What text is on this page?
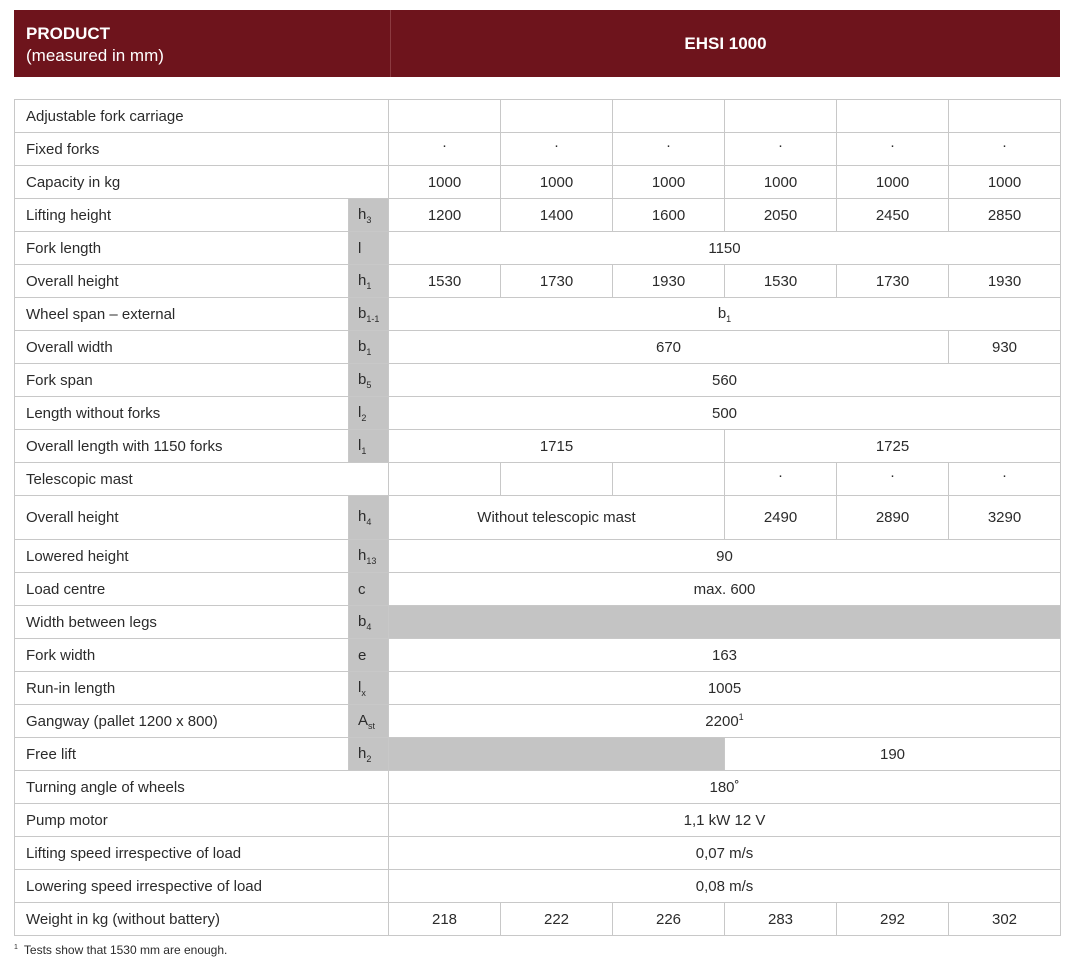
PRODUCT
(measured in mm)
EHSI 1000
Adjustable fork carriage							
Fixed forks		·	·	·	·	·	·
Capacity in kg		1000	1000	1000	1000	1000	1000
Lifting height	$h_3$	1200	1400	1600	2050	2450	2850
Fork length	l	1150					
Overall height	$h_1$	1530	1730	1930	1530	1730	1930
Wheel span – external	$b_{1-1}$	$b_1$
Overall width	$b_1$	670					930
Fork span	$b_5$	560					
Length without forks	$l_2$	500					
Overall length with 1150 forks	$l_1$	1715			1725		
Telescopic mast					·	·	·
Overall height	$h_4$	Without telescopic mast			2490	2890	3290
Lowered height	$h_{13}$	90					
Load centre	c	max. 600					
Width between legs	$b_4$	
Fork width	e	163					
Run-in length	$l_x$	1005					
Gangway (pallet 1200 x 800)	$A_{st}$	2200$^1$
Free lift	$h_2$				190		
Turning angle of wheels		180˚					
Pump motor		1,1 kW 12 V					
Lifting speed irrespective of load		0,07 m/s					
Lowering speed irrespective of load		0,08 m/s					
Weight in kg (without battery)		218	222	226	283	292	302
$^1$ Tests show that 1530 mm are enough.
